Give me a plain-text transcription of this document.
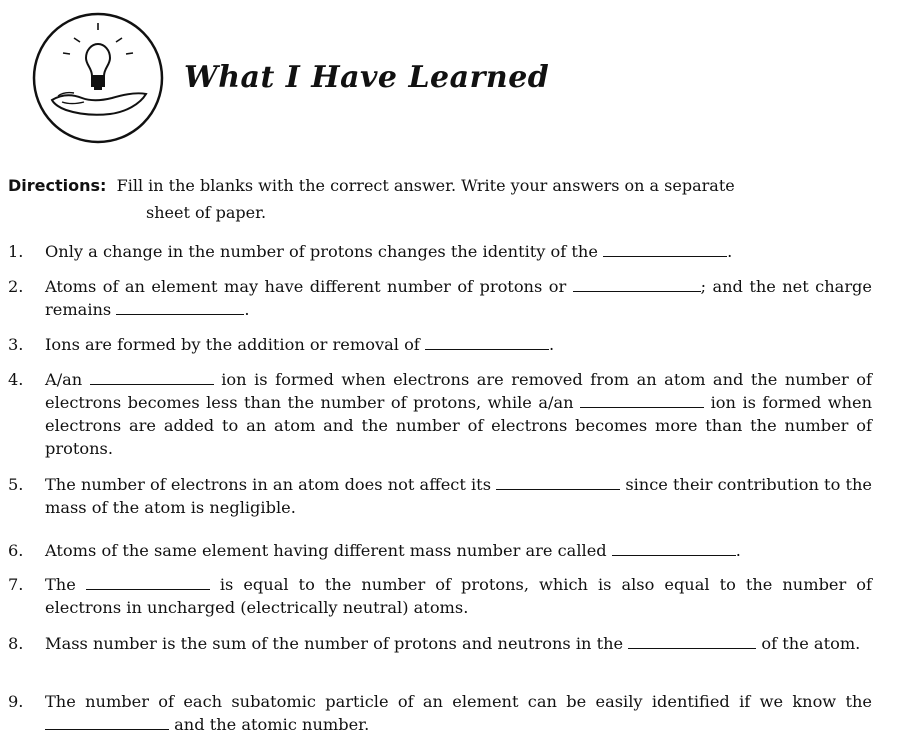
What I Have Learned
Directions: Fill in the blanks with the correct answer. Write your answers on a separate
sheet of paper.
1.	Only a change in the number of protons changes the identity of the	.
2.	Atoms of an element may have different number of protons or	; and the net charge remains	.
3.	Ions are formed by the addition or removal of	.
4.	A/an	ion is formed when electrons are removed from an atom and the number of electrons becomes less than the number of protons, while a/an	ion is formed when electrons are added to an atom and the number of electrons becomes more than the number of protons.
5.	The number of electrons in an atom does not affect its	since their contribution to the mass of the atom is negligible.
6.	Atoms of the same element having different mass number are called	.
7.	The	is equal to the number of protons, which is also equal to the number of electrons in uncharged (electrically neutral) atoms.
8.	Mass number is the sum of the number of protons and neutrons in the	of the atom.
9.	The number of each subatomic particle of an element can be easily identified if we know the  and the atomic number.
